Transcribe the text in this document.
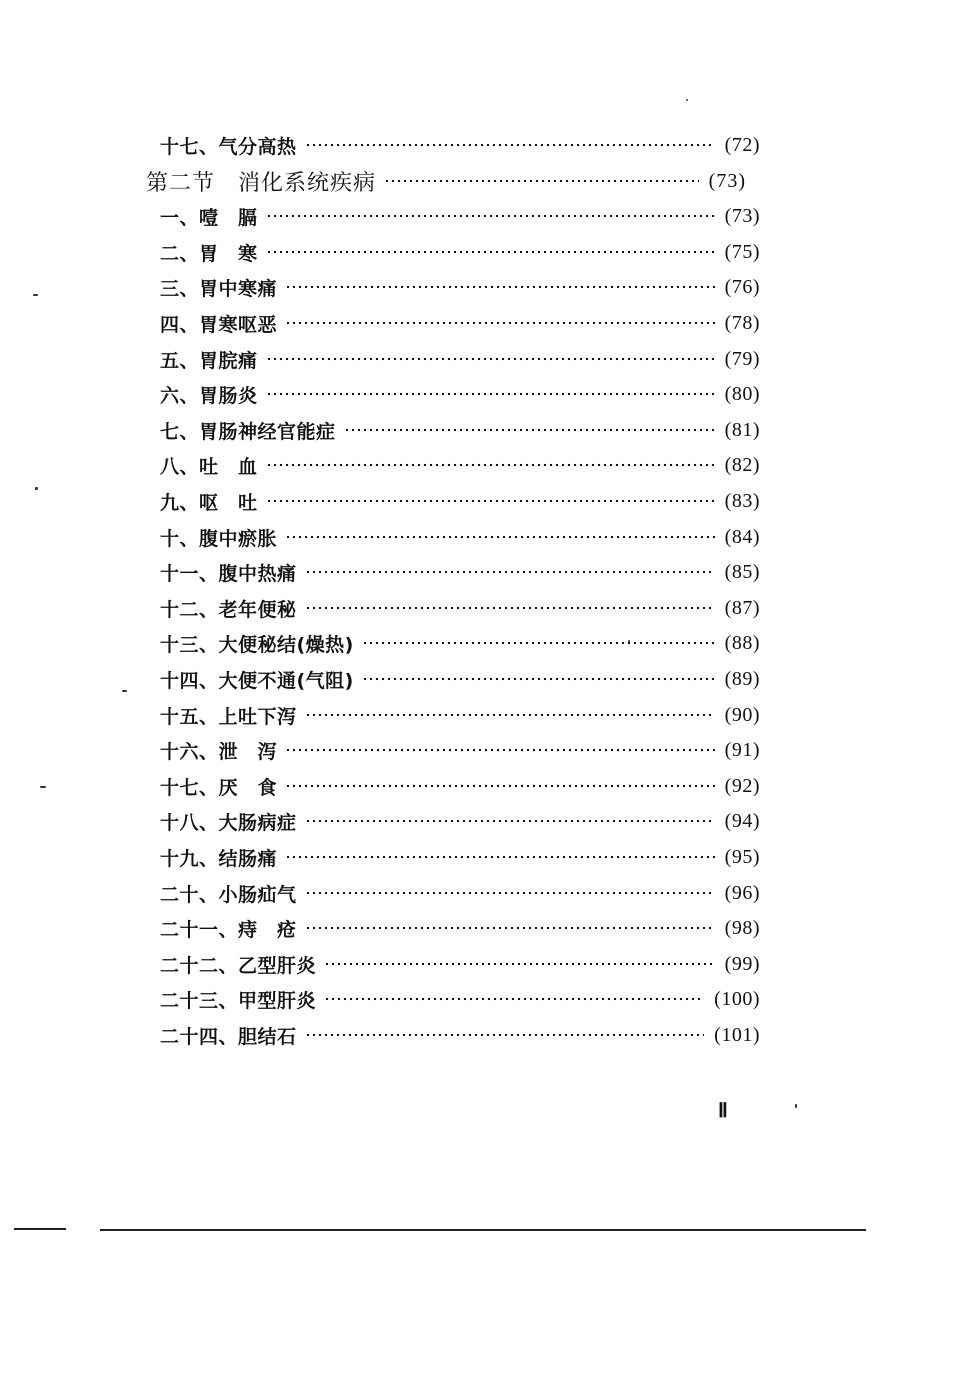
十七、气分高热	(72)
第二节　消化系统疾病	(73)
一、噎　膈	(73)
二、胃　寒	(75)
三、胃中寒痛	(76)
四、胃寒呕恶	(78)
五、胃脘痛	(79)
六、胃肠炎	(80)
七、胃肠神经官能症	(81)
八、吐　血	(82)
九、呕　吐	(83)
十、腹中瘀胀	(84)
十一、腹中热痛	(85)
十二、老年便秘	(87)
十三、大便秘结(燥热)	(88)
十四、大便不通(气阻)	(89)
十五、上吐下泻	(90)
十六、泄　泻	(91)
十七、厌　食	(92)
十八、大肠病症	(94)
十九、结肠痛	(95)
二十、小肠疝气	(96)
二十一、痔　疮	(98)
二十二、乙型肝炎	(99)
二十三、甲型肝炎	(100)
二十四、胆结石	(101)
Ⅱ
